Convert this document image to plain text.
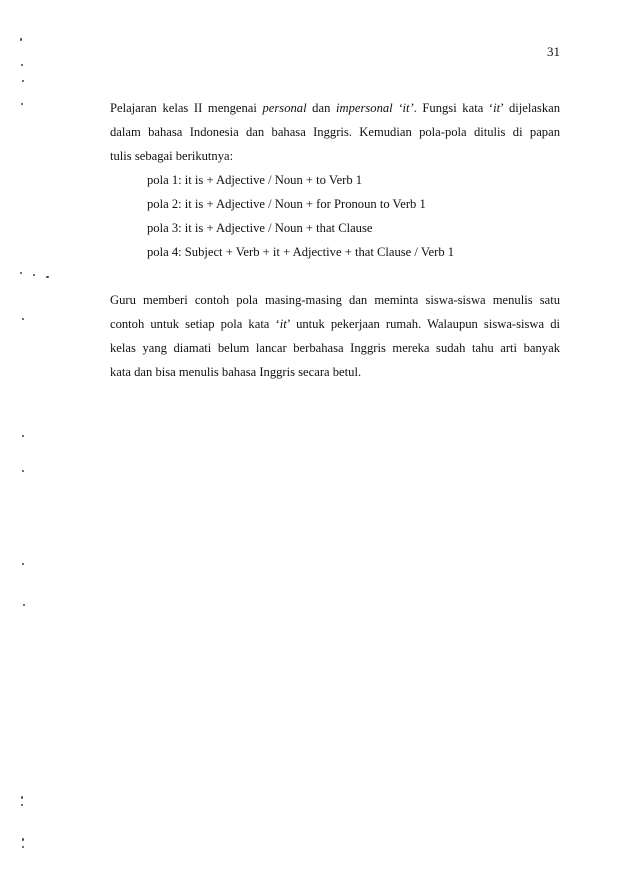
31

Pelajaran kelas II mengenai personal dan impersonal ‘it’. Fungsi kata ‘it’ dijelaskan
dalam bahasa Indonesia dan bahasa Inggris. Kemudian pola-pola ditulis di papan
tulis sebagai berikutnya:

pola 1: it is + Adjective / Noun + to Verb 1
pola 2: it is + Adjective / Noun + for Pronoun to Verb 1
pola 3: it is + Adjective / Noun + that Clause
pola 4: Subject + Verb + it + Adjective + that Clause / Verb 1

Guru memberi contoh pola masing-masing dan meminta siswa-siswa menulis satu
contoh untuk setiap pola kata ‘it’ untuk pekerjaan rumah. Walaupun siswa-siswa di
kelas yang diamati belum lancar berbahasa Inggris mereka sudah tahu arti banyak
kata dan bisa menulis bahasa Inggris secara betul.
